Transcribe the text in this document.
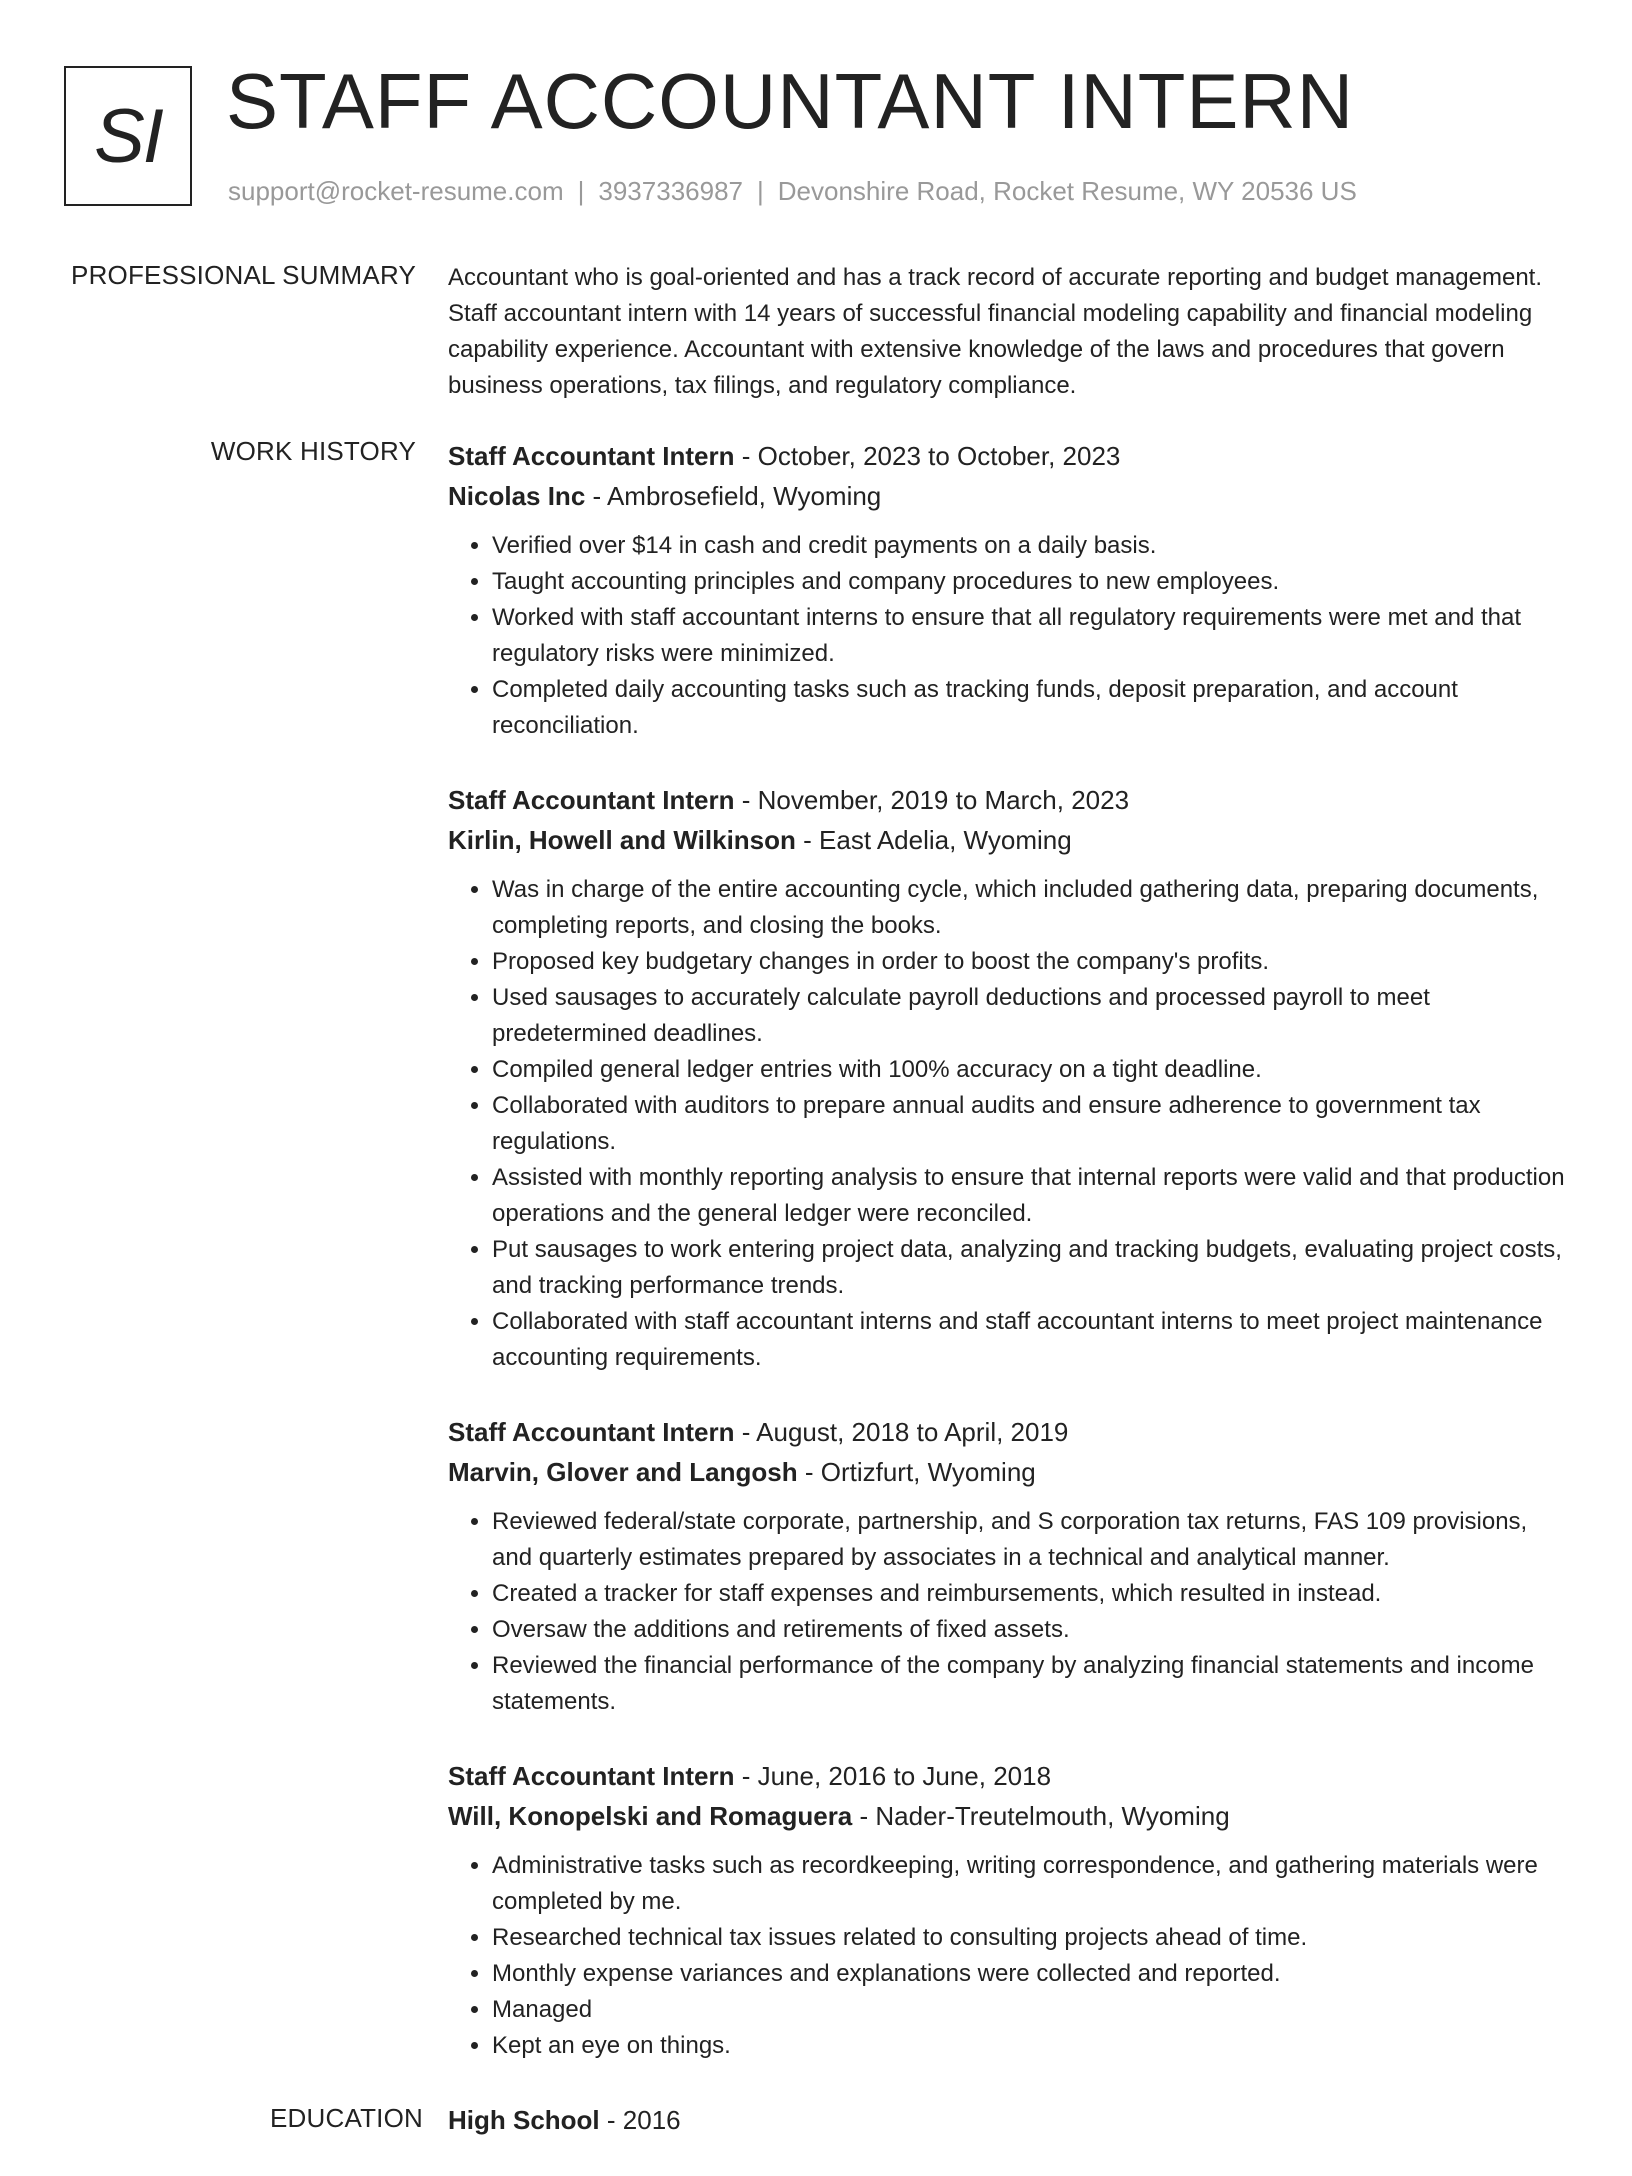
SI STAFF ACCOUNTANT INTERN
support@rocket-resume.com | 3937336987 | Devonshire Road, Rocket Resume, WY 20536 US
PROFESSIONAL SUMMARY Accountant who is goal-oriented and has a track record of accurate reporting and budget management. Staff accountant intern with 14 years of successful financial modeling capability and financial modeling capability experience. Accountant with extensive knowledge of the laws and procedures that govern business operations, tax filings, and regulatory compliance.
WORK HISTORY Staff Accountant Intern - October, 2023 to October, 2023
Nicolas Inc - Ambrosefield, Wyoming
• Verified over $14 in cash and credit payments on a daily basis.
• Taught accounting principles and company procedures to new employees.
• Worked with staff accountant interns to ensure that all regulatory requirements were met and that regulatory risks were minimized.
• Completed daily accounting tasks such as tracking funds, deposit preparation, and account reconciliation.
Staff Accountant Intern - November, 2019 to March, 2023
Kirlin, Howell and Wilkinson - East Adelia, Wyoming
• Was in charge of the entire accounting cycle, which included gathering data, preparing documents, completing reports, and closing the books.
• Proposed key budgetary changes in order to boost the company's profits.
• Used sausages to accurately calculate payroll deductions and processed payroll to meet predetermined deadlines.
• Compiled general ledger entries with 100% accuracy on a tight deadline.
• Collaborated with auditors to prepare annual audits and ensure adherence to government tax regulations.
• Assisted with monthly reporting analysis to ensure that internal reports were valid and that production operations and the general ledger were reconciled.
• Put sausages to work entering project data, analyzing and tracking budgets, evaluating project costs, and tracking performance trends.
• Collaborated with staff accountant interns and staff accountant interns to meet project maintenance accounting requirements.
Staff Accountant Intern - August, 2018 to April, 2019
Marvin, Glover and Langosh - Ortizfurt, Wyoming
• Reviewed federal/state corporate, partnership, and S corporation tax returns, FAS 109 provisions, and quarterly estimates prepared by associates in a technical and analytical manner.
• Created a tracker for staff expenses and reimbursements, which resulted in instead.
• Oversaw the additions and retirements of fixed assets.
• Reviewed the financial performance of the company by analyzing financial statements and income statements.
Staff Accountant Intern - June, 2016 to June, 2018
Will, Konopelski and Romaguera - Nader-Treutelmouth, Wyoming
• Administrative tasks such as recordkeeping, writing correspondence, and gathering materials were completed by me.
• Researched technical tax issues related to consulting projects ahead of time.
• Monthly expense variances and explanations were collected and reported.
• Managed
• Kept an eye on things.
EDUCATION High School - 2016
